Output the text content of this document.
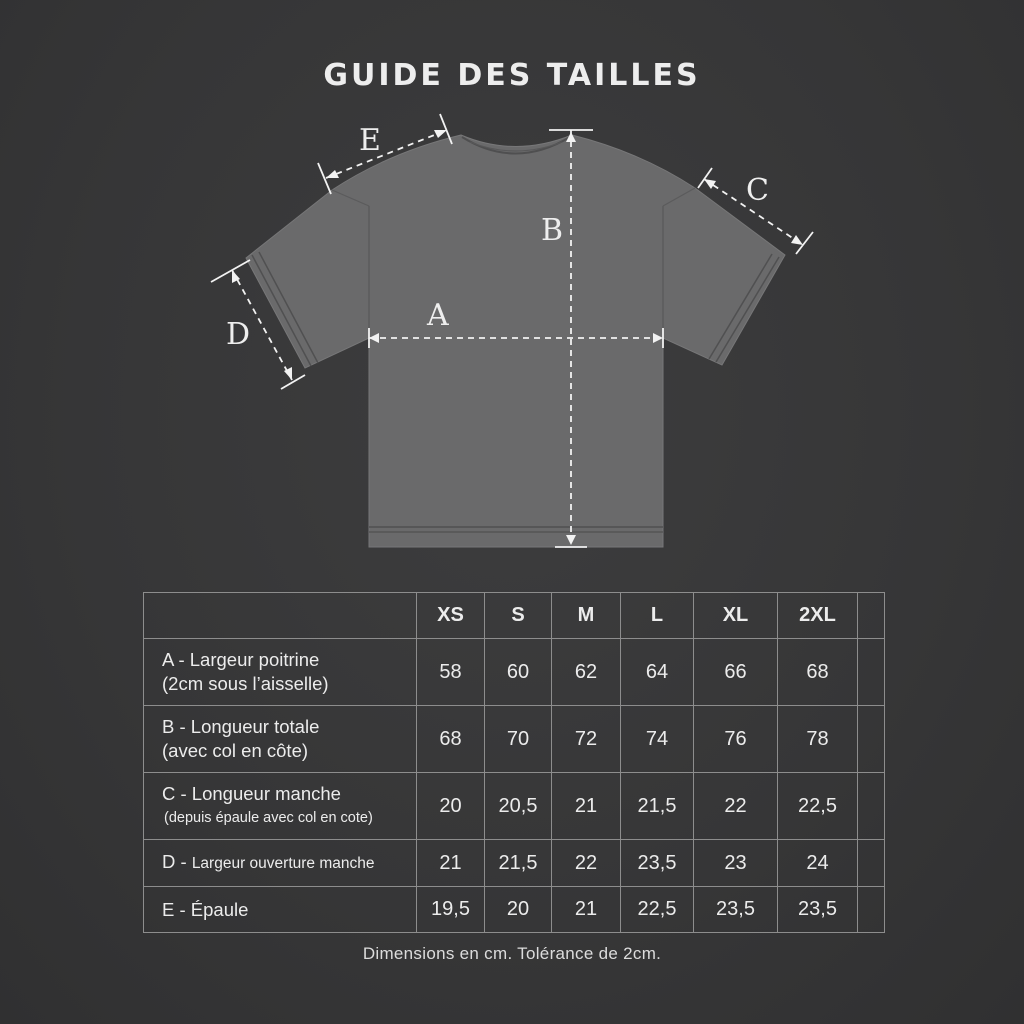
GUIDE DES TAILLES
A
B
C
D
E
	XS	S	M	L	XL	2XL	

A - Largeur poitrine
(2cm sous l’aisselle)	58	60	62	64	66	68	

B - Longueur totale
(avec col en côte)	68	70	72	74	76	78	

C - Longueur manche
(depuis épaule avec col en cote)	20	20,5	21	21,5	22	22,5	
D - Largeur ouverture manche	21	21,5	22	23,5	23	24	
E - Épaule	19,5	20	21	22,5	23,5	23,5	
Dimensions en cm. Tolérance de 2cm.
